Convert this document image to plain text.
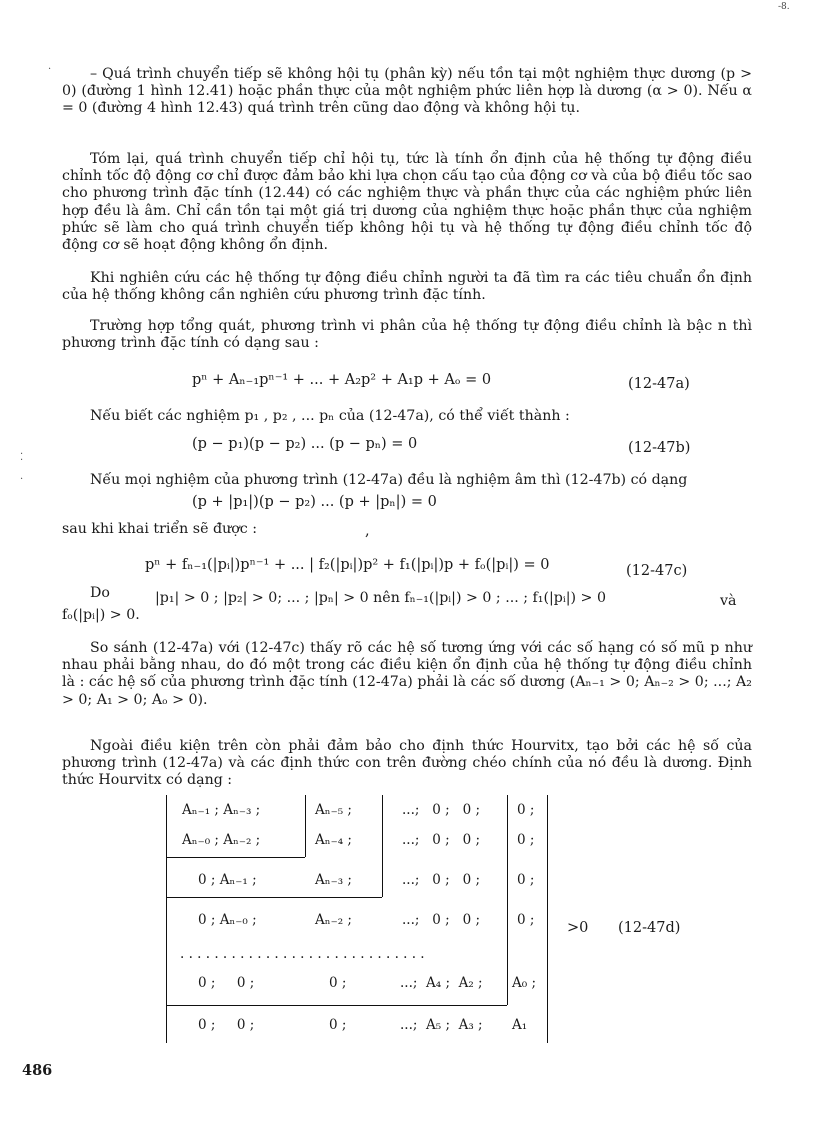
-8.
⁚
·
·	– Quá trình chuyển tiếp sẽ không hội tụ (phân kỳ) nếu tồn tại một nghiệm thực dương (p > 0) (đường 1 hình 12.41) hoặc phần thực của một nghiệm phức liên hợp là dương (α > 0). Nếu α = 0 (đường 4 hình 12.43) quá trình trên cũng dao động và không hội tụ.
Tóm lại, quá trình chuyển tiếp chỉ hội tụ, tức là tính ổn định của hệ thống tự động điều chỉnh tốc độ động cơ chỉ được đảm bảo khi lựa chọn cấu tạo của động cơ và của bộ điều tốc sao cho phương trình đặc tính (12.44) có các nghiệm thực và phần thực của các nghiệm phức liên hợp đều là âm. Chỉ cần tồn tại một giá trị dương của nghiệm thực hoặc phần thực của nghiệm phức sẽ làm cho quá trình chuyển tiếp không hội tụ và hệ thống tự động điều chỉnh tốc độ động cơ sẽ hoạt động không ổn định.
Khi nghiên cứu các hệ thống tự động điều chỉnh người ta đã tìm ra các tiêu chuẩn ổn định của hệ thống không cần nghiên cứu phương trình đặc tính.
Trường hợp tổng quát, phương trình vi phân của hệ thống tự động điều chỉnh là bậc n thì phương trình đặc tính có dạng sau :
pⁿ + Aₙ₋₁pⁿ⁻¹ + ... + A₂p² + A₁p + Aₒ = 0	(12-47a)
Nếu biết các nghiệm p₁ , p₂ , ... pₙ của (12-47a), có thể viết thành :
(p − p₁)(p − p₂) ... (p − pₙ) = 0	(12-47b)
Nếu mọi nghiệm của phương trình (12-47a) đều là nghiệm âm thì (12-47b) có dạng
(p + |p₁|)(p − p₂) ... (p + |pₙ|) = 0
sau khi khai triển sẽ được :	,
pⁿ + fₙ₋₁(|pᵢ|)pⁿ⁻¹ + ... | f₂(|pᵢ|)p² + f₁(|pᵢ|)p + fₒ(|pᵢ|) = 0	(12-47c)
Do	|p₁| > 0 ; |p₂| > 0; ... ; |pₙ| > 0 nên fₙ₋₁(|pᵢ|) > 0 ; ... ; f₁(|pᵢ|) > 0	và
fₒ(|pᵢ|) > 0.
So sánh (12-47a) với (12-47c) thấy rõ các hệ số tương ứng với các số hạng có số mũ p như nhau phải bằng nhau, do đó một trong các điều kiện ổn định của hệ thống tự động điều chỉnh là : các hệ số của phương trình đặc tính (12-47a) phải là các số dương (Aₙ₋₁ > 0; Aₙ₋₂ > 0; ...; A₂ > 0; A₁ > 0; Aₒ > 0).
Ngoài điều kiện trên còn phải đảm bảo cho định thức Hourvitx, tạo bởi các hệ số của phương trình (12-47a) và các định thức con trên đường chéo chính của nó đều là dương. Định thức Hourvitx có dạng :
Aₙ₋₁ ; Aₙ₋₃ ;	Aₙ₋₅ ;	...;   0 ;   0 ;	0 ;
Aₙ₋₀ ; Aₙ₋₂ ;	Aₙ₋₄ ;	...;   0 ;   0 ;	0 ;
0 ; Aₙ₋₁ ;	Aₙ₋₃ ;	...;   0 ;   0 ;	0 ;
0 ; Aₙ₋₀ ;	Aₙ₋₂ ;	...;   0 ;   0 ;	0 ;
. . . . . . . . . . . . . . . . . . . . . . . . . . . . .
0 ;     0 ;	0 ;	...;  A₄ ;  A₂ ; A₀ ;
0 ;     0 ;	0 ;	...;  A₅ ;  A₃ ; A₁
>0 (12-47d)
486
